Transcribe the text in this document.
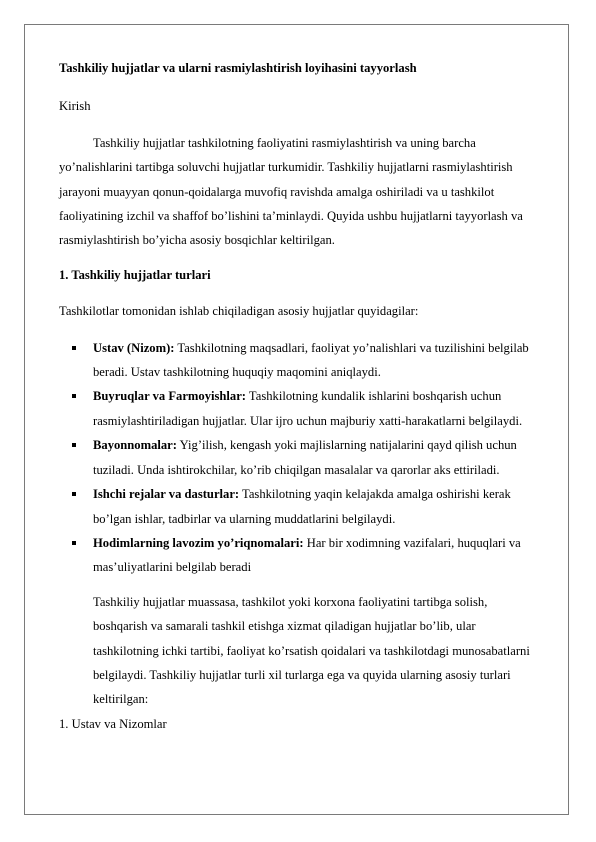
Tashkiliy hujjatlar va ularni rasmiylashtirish loyihasini tayyorlash

Kirish

Tashkiliy hujjatlar tashkilotning faoliyatini rasmiylashtirish va uning barcha yo’nalishlarini tartibga soluvchi hujjatlar turkumidir. Tashkiliy hujjatlarni rasmiylashtirish jarayoni muayyan qonun-qoidalarga muvofiq ravishda amalga oshiriladi va u tashkilot faoliyatining izchil va shaffof bo’lishini ta’minlaydi. Quyida ushbu hujjatlarni tayyorlash va rasmiylashtirish bo’yicha asosiy bosqichlar keltirilgan.

1. Tashkiliy hujjatlar turlari

Tashkilotlar tomonidan ishlab chiqiladigan asosiy hujjatlar quyidagilar:

Ustav (Nizom): Tashkilotning maqsadlari, faoliyat yo’nalishlari va tuzilishini belgilab beradi. Ustav tashkilotning huquqiy maqomini aniqlaydi.
Buyruqlar va Farmoyishlar: Tashkilotning kundalik ishlarini boshqarish uchun rasmiylashtiriladigan hujjatlar. Ular ijro uchun majburiy xatti-harakatlarni belgilaydi.
Bayonnomalar: Yig’ilish, kengash yoki majlislarning natijalarini qayd qilish uchun tuziladi. Unda ishtirokchilar, ko’rib chiqilgan masalalar va qarorlar aks ettiriladi.
Ishchi rejalar va dasturlar: Tashkilotning yaqin kelajakda amalga oshirishi kerak bo’lgan ishlar, tadbirlar va ularning muddatlarini belgilaydi.
Hodimlarning lavozim yo’riqnomalari: Har bir xodimning vazifalari, huquqlari va mas’uliyatlarini belgilab beradi

Tashkiliy hujjatlar muassasa, tashkilot yoki korxona faoliyatini tartibga solish, boshqarish va samarali tashkil etishga xizmat qiladigan hujjatlar bo’lib, ular tashkilotning ichki tartibi, faoliyat ko’rsatish qoidalari va tashkilotdagi munosabatlarni belgilaydi. Tashkiliy hujjatlar turli xil turlarga ega va quyida ularning asosiy turlari keltirilgan:

1. Ustav va Nizomlar
